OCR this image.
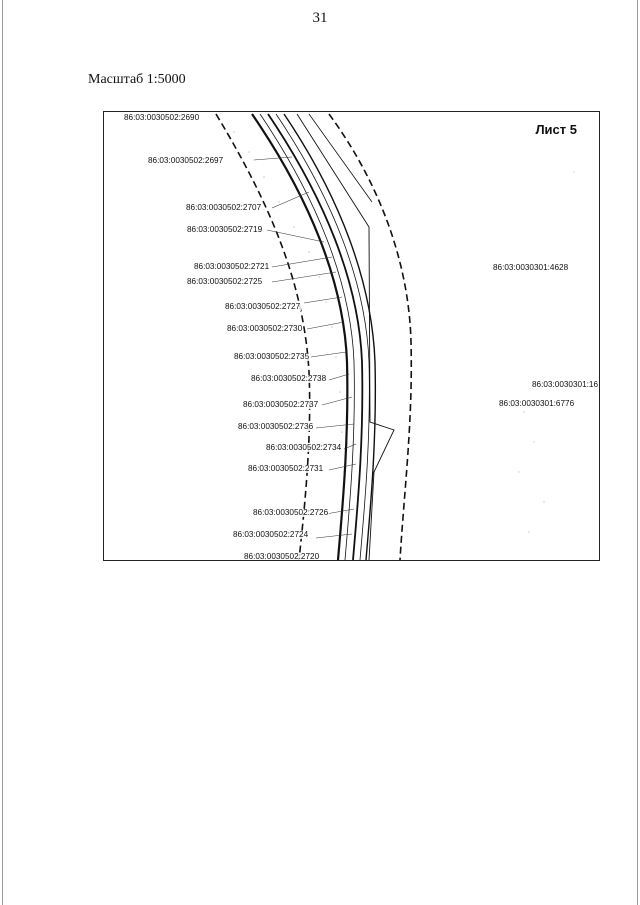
31
Масштаб 1:5000
Лист 5
86:03:0030502:2690
86:03:0030502:2697
86:03:0030502:2707
86:03:0030502:2719
86:03:0030502:2721
86:03:0030502:2725
86:03:0030502:2727
86:03:0030502:2730
86:03:0030502:2735
86:03:0030502:2738
86:03:0030502:2737
86:03:0030502:2736
86:03:0030502:2734
86:03:0030502:2731
86:03:0030502:2726
86:03:0030502:2724
86:03:0030502:2720
86:03:0030301:4628
86:03:0030301:16
86:03:0030301:6776
